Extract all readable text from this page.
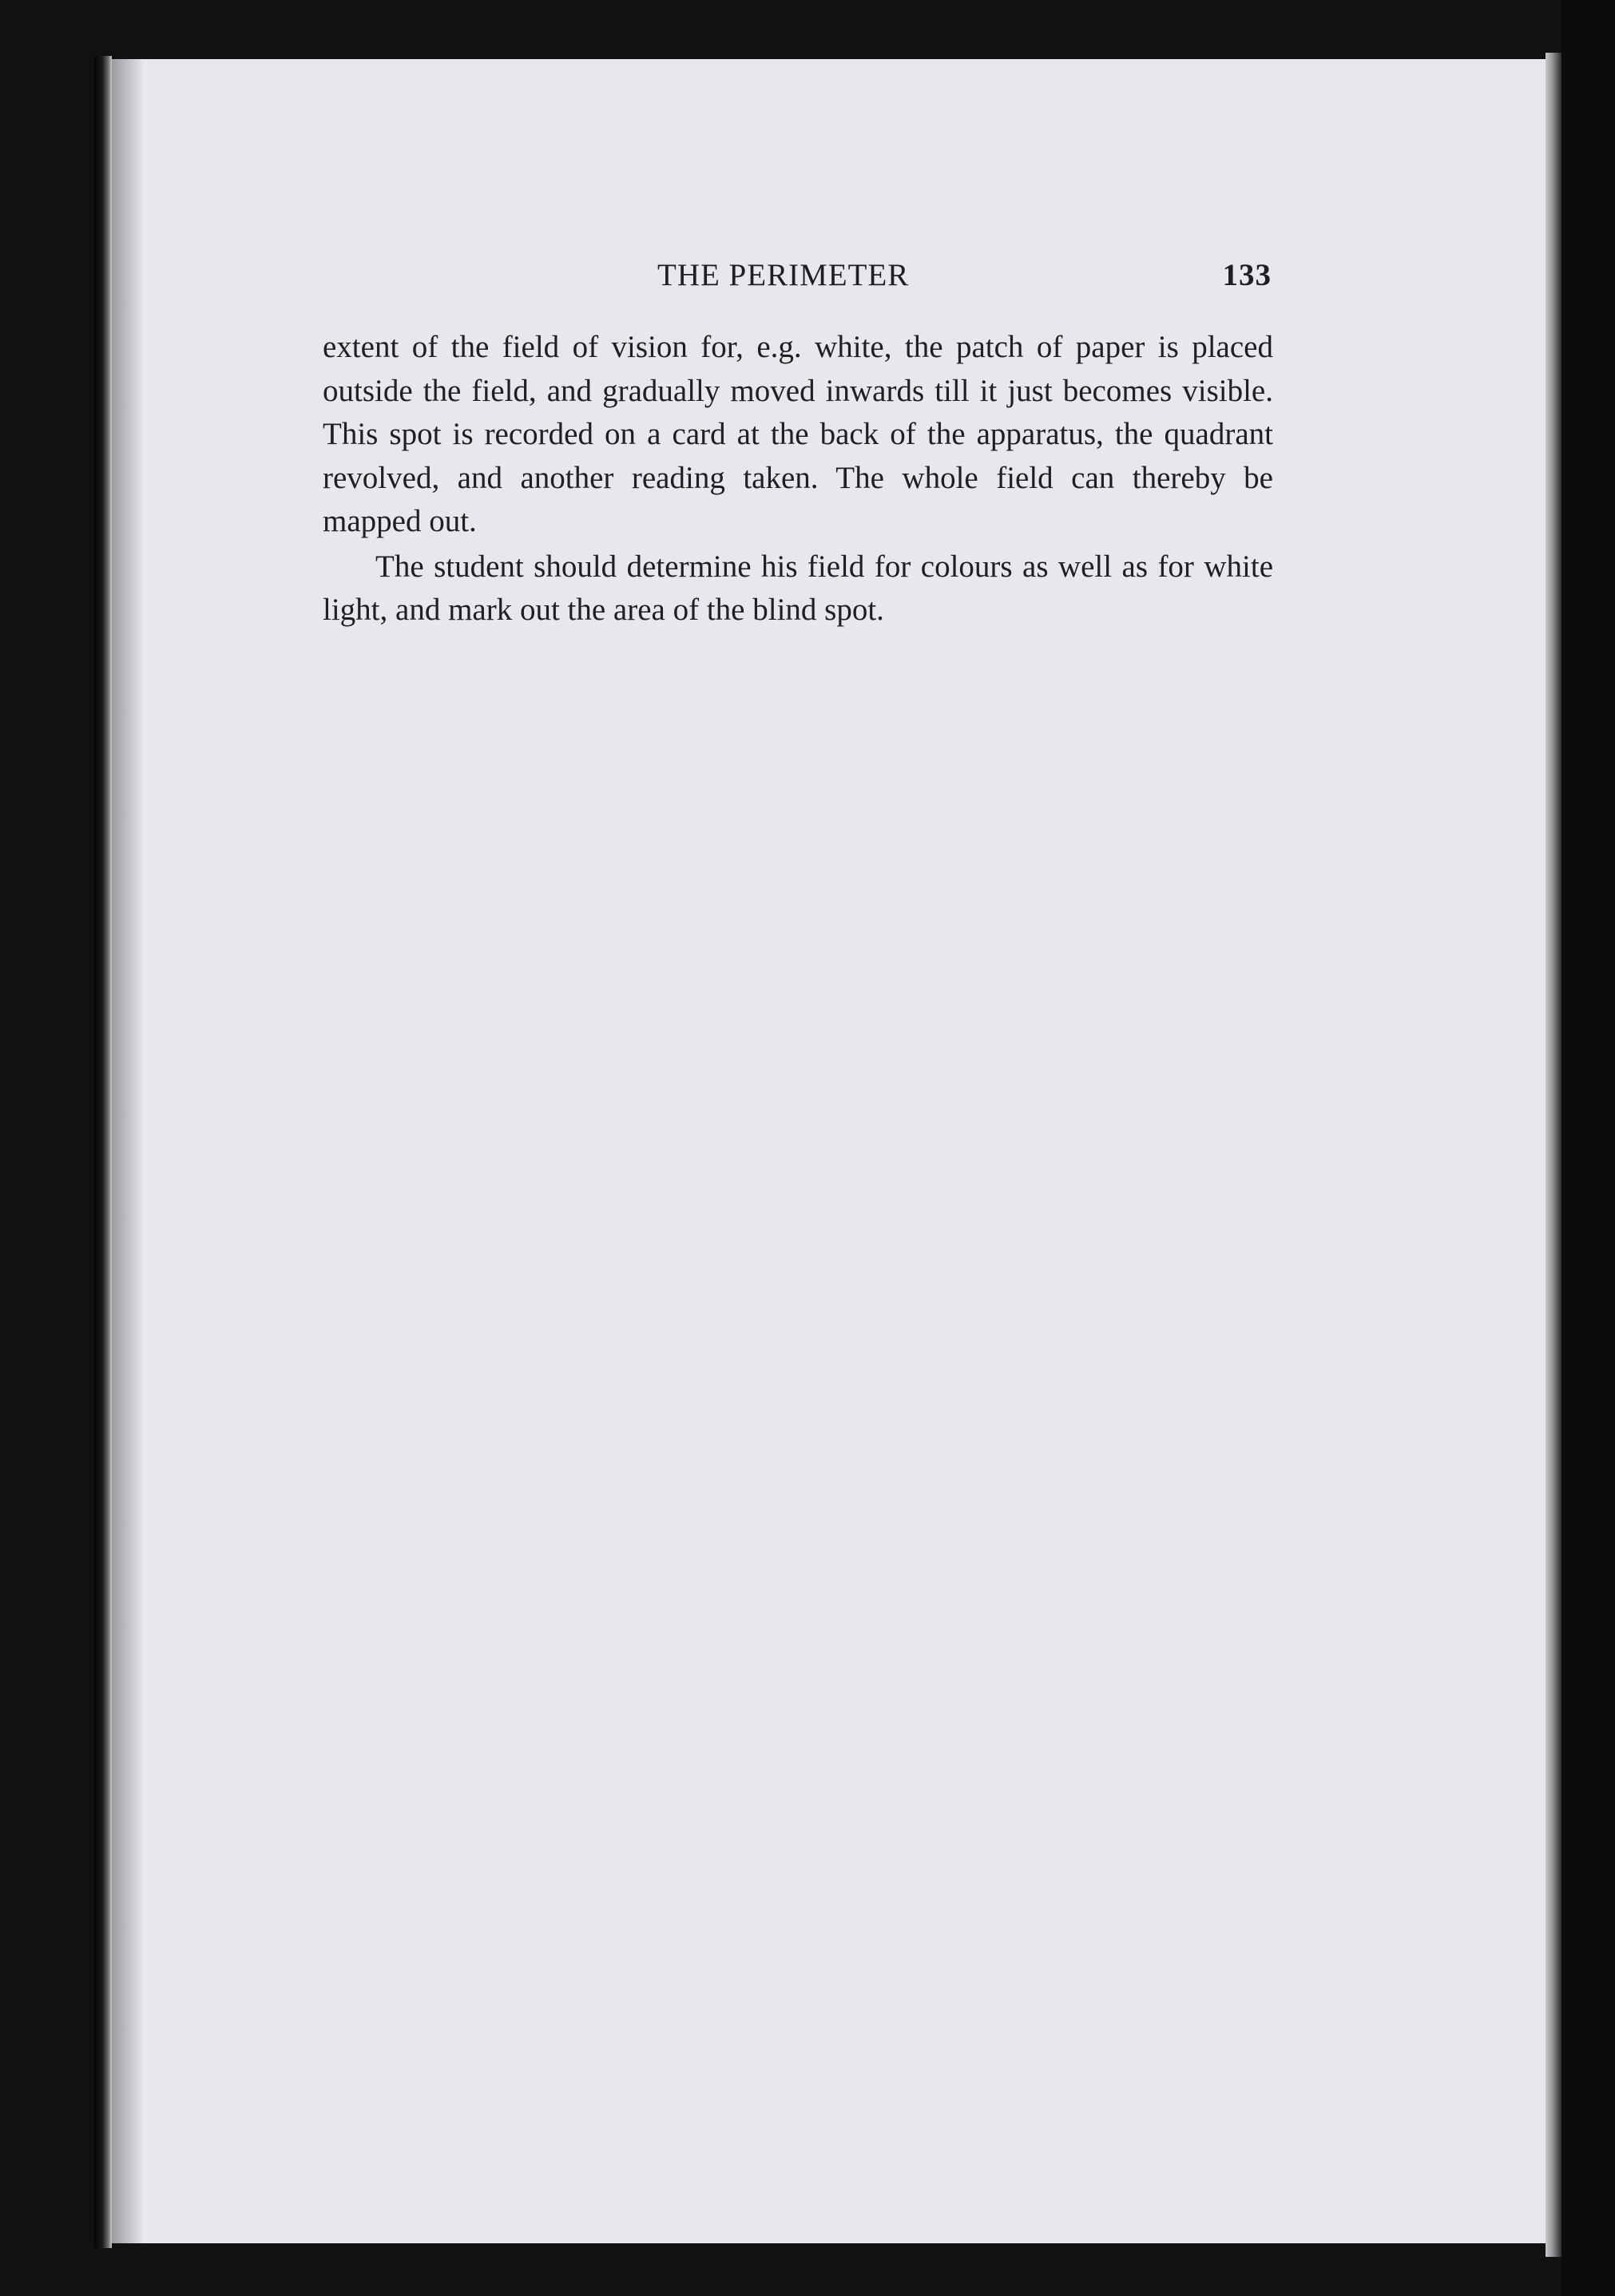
THE PERIMETER	133

extent of the field of vision for, e.g. white, the patch of paper is placed outside the field, and gradually moved inwards till it just becomes visible. This spot is recorded on a card at the back of the apparatus, the quadrant revolved, and another reading taken. The whole field can thereby be mapped out.

The student should determine his field for colours as well as for white light, and mark out the area of the blind spot.
